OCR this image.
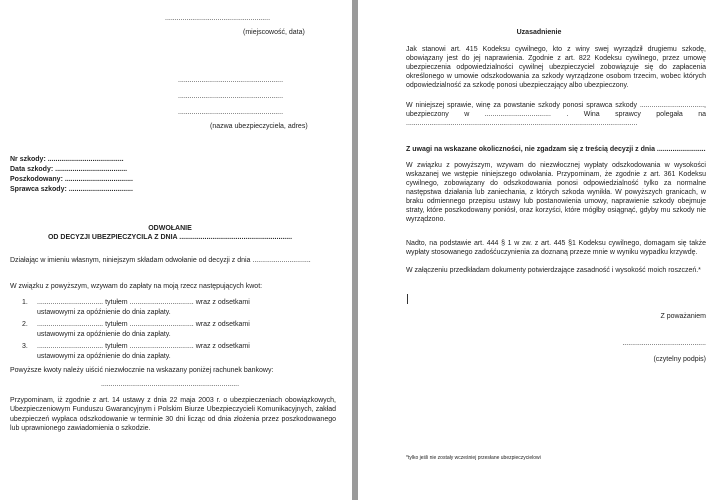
......................................................
(miejscowość, data)
......................................................
......................................................
......................................................
(nazwa ubezpieczyciela, adres)
Nr szkody: .......................................
Data szkody: .....................................
Poszkodowany: ...................................
Sprawca szkody: .................................
ODWOŁANIE
OD DECYZJI UBEZPIECZYCILA Z DNIA ..........................................................
Działając w imieniu własnym, niniejszym składam odwołanie od decyzji z dnia ..............................
W związku z powyższym, wzywam do zapłaty na moją rzecz następujących kwot:
1. .................................. tytułem ................................. wraz z odsetkami
ustawowymi za opóźnienie do dnia zapłaty.
2. .................................. tytułem ................................. wraz z odsetkami
ustawowymi za opóźnienie do dnia zapłaty.
3. .................................. tytułem ................................. wraz z odsetkami
ustawowymi za opóźnienie do dnia zapłaty.
Powyższe kwoty należy uiścić niezwłocznie na wskazany poniżej rachunek bankowy:
.......................................................................
Przypominam, iż zgodnie z art. 14 ustawy z dnia 22 maja 2003 r. o ubezpieczeniach obowiązkowych, Ubezpieczeniowym Funduszu Gwarancyjnym i Polskim Biurze Ubezpieczycieli Komunikacyjnych, zakład ubezpieczeń wypłaca odszkodowanie w terminie 30 dni licząc od dnia złożenia przez poszkodowanego lub uprawnionego zawiadomienia o szkodzie.
Uzasadnienie
Jak stanowi art. 415 Kodeksu cywilnego, kto z winy swej wyrządził drugiemu szkodę, obowiązany jest do jej naprawienia. Zgodnie z art. 822 Kodeksu cywilnego, przez umowę ubezpieczenia odpowiedzialności cywilnej ubezpieczyciel zobowiązuje się do zapłacenia określonego w umowie odszkodowania za szkody wyrządzone osobom trzecim, wobec których odpowiedzialność za szkodę ponosi ubezpieczający albo ubezpieczony.
W niniejszej sprawie, winę za powstanie szkody ponosi sprawca szkody ................................., ubezpieczony w .................................. . Wina sprawcy polegała na .......................................................................................................................
Z uwagi na wskazane okoliczności, nie zgadzam się z treścią decyzji z dnia .........................
W związku z powyższym, wzywam do niezwłocznej wypłaty odszkodowania w wysokości wskazanej we wstępie niniejszego odwołania. Przypominam, że zgodnie z art. 361 Kodeksu cywilnego, zobowiązany do odszkodowania ponosi odpowiedzialność tylko za normalne następstwa działania lub zaniechania, z których szkoda wynikła. W powyższych granicach, w braku odmiennego przepisu ustawy lub postanowienia umowy, naprawienie szkody obejmuje straty, które poszkodowany poniósł, oraz korzyści, które mógłby osiągnąć, gdyby mu szkody nie wyrządzono.
Nadto, na podstawie art. 444 § 1 w zw. z art. 445 §1 Kodeksu cywilnego, domagam się także wypłaty stosowanego zadośćuczynienia za doznaną przeze mnie w wyniku wypadku krzywdę.
W załączeniu przedkładam dokumenty potwierdzające zasadność i wysokość moich roszczeń.*
Z poważaniem
...........................................
(czytelny podpis)
*tylko jeśli nie zostały wcześniej przesłane ubezpieczycielowi
